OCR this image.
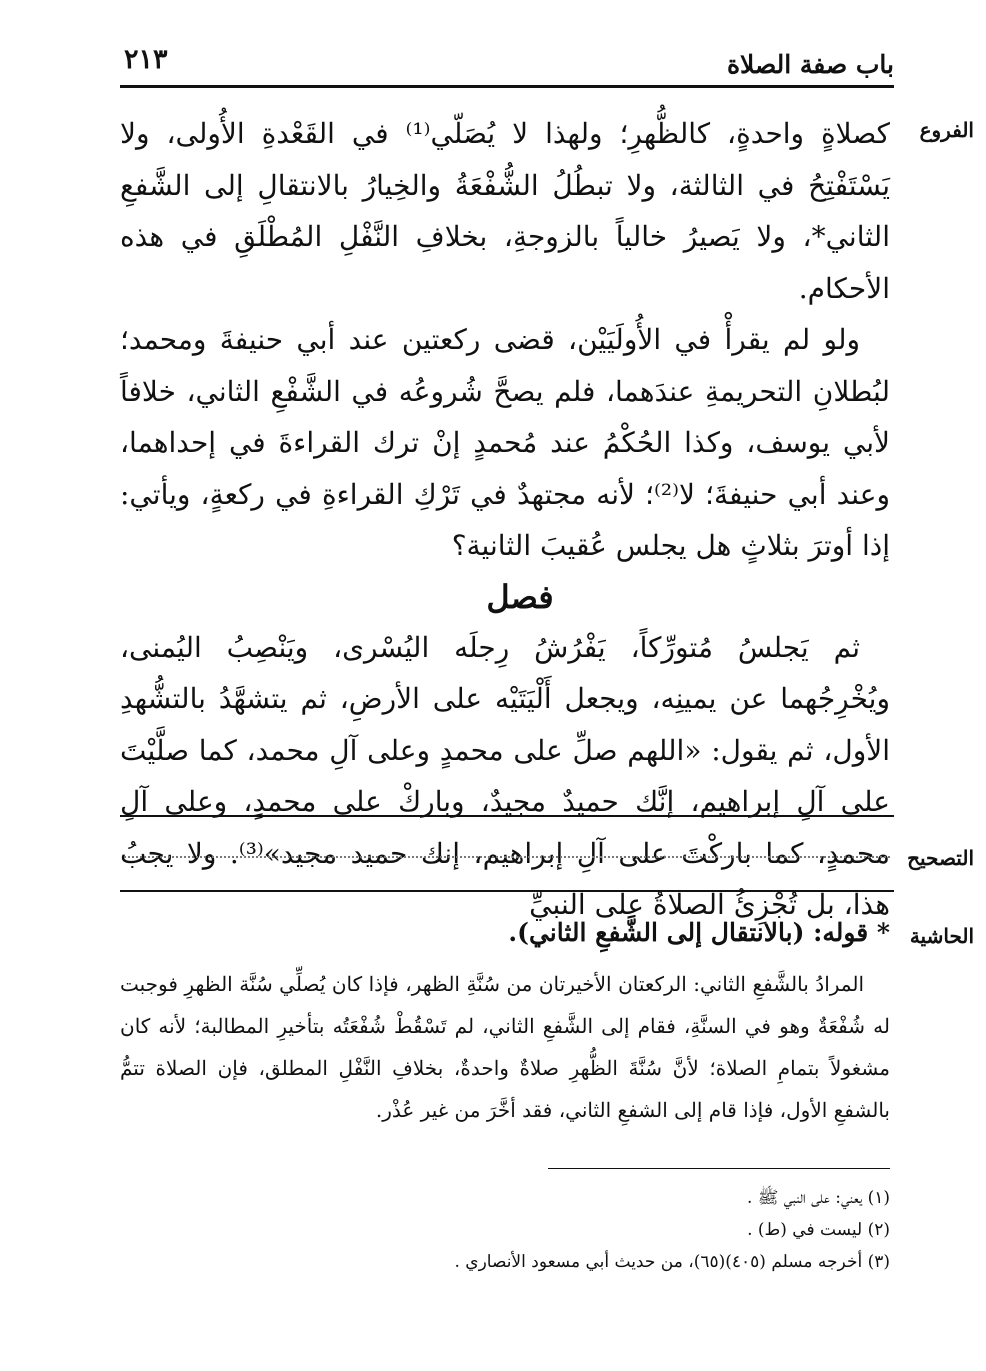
باب صفة الصلاة
٢١٣
الفروع

كصلاةٍ واحدةٍ، كالظُّهرِ؛ ولهذا لا يُصَلّي⁽¹⁾ في القَعْدةِ الأُولى، ولا يَسْتَفْتِحُ في الثالثة، ولا تبطُلُ الشُّفْعَةُ والخِيارُ بالانتقالِ إلى الشَّفعِ الثاني*، ولا يَصيرُ خالياً بالزوجةِ، بخلافِ النَّفْلِ المُطْلَقِ في هذه الأحكام.

ولو لم يقرأْ في الأُولَيَيْن، قضى ركعتين عند أبي حنيفةَ ومحمد؛ لبُطلانِ التحريمةِ عندَهما، فلم يصحَّ شُروعُه في الشَّفْعِ الثاني، خلافاً لأبي يوسف، وكذا الحُكْمُ عند مُحمدٍ إنْ ترك القراءةَ في إحداهما، وعند أبي حنيفةَ؛ لا⁽²⁾؛ لأنه مجتهدٌ في تَرْكِ القراءةِ في ركعةٍ، ويأتي: إذا أوترَ بثلاثٍ هل يجلس عُقيبَ الثانية؟

فصل

ثم يَجلسُ مُتورِّكاً، يَفْرُشُ رِجلَه اليُسْرى، ويَنْصِبُ اليُمنى، ويُخْرِجُهما عن يمينِه، ويجعل أَلْيَتَيْه على الأرضِ، ثم يتشهَّدُ بالتشُّهدِ الأول، ثم يقول: «اللهم صلِّ على محمدٍ وعلى آلِ محمد، كما صلَّيْتَ على آلِ إبراهيم، إنَّك حميدٌ مجيدٌ، وباركْ على محمدٍ، وعلى آلِ محمدٍ، كما باركْتَ على آلِ إبراهيم، إنك حميد مجيد»⁽³⁾. ولا يجبُ هذا، بل تُجْزِئُ الصلاةُ على النبيِّ

التصحيح
الحاشية
* قوله: (بالانتقال إلى الشَّفعِ الثاني).

المرادُ بالشَّفعِ الثاني: الركعتان الأخيرتان من سُنَّةِ الظهر، فإذا كان يُصلِّي سُنَّة الظهرِ فوجبت له شُفْعَةٌ وهو في السنَّةِ، فقام إلى الشَّفعِ الثاني، لم تَسْقُطْ شُفْعَتُه بتأخيرِ المطالبة؛ لأنه كان مشغولاً بتمامِ الصلاة؛ لأنَّ سُنَّةَ الظُّهرِ صلاةٌ واحدةٌ، بخلافِ النَّفْلِ المطلق، فإن الصلاة تتمُّ بالشفعِ الأول، فإذا قام إلى الشفعِ الثاني، فقد أخَّرَ من غير عُذْر.

(١) يعني: على النبي ﷺ .
(٢) ليست في (ط) .
(٣) أخرجه مسلم (٤٠٥)(٦٥)، من حديث أبي مسعود الأنصاري .
